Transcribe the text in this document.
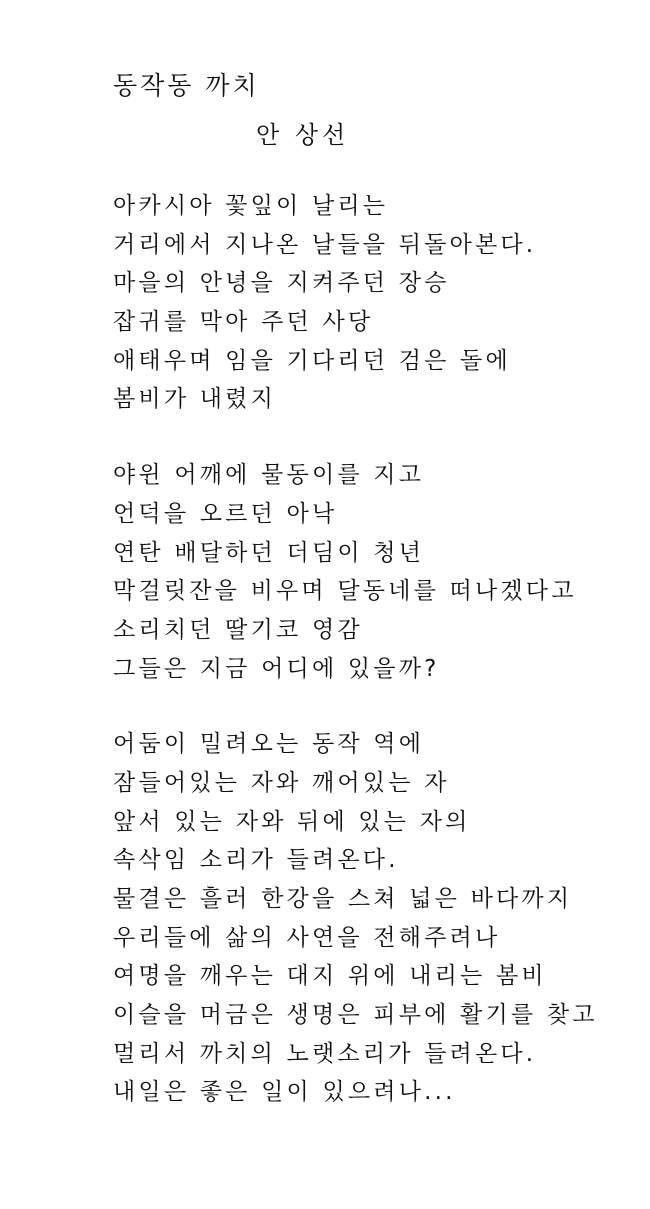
동작동 까치
안 상선
아카시아 꽃잎이 날리는
거리에서 지나온 날들을 뒤돌아본다.
마을의 안녕을 지켜주던 장승
잡귀를 막아 주던 사당
애태우며 임을 기다리던 검은 돌에
봄비가 내렸지
야윈 어깨에 물동이를 지고
언덕을 오르던 아낙
연탄 배달하던 더딤이 청년
막걸릿잔을 비우며 달동네를 떠나겠다고
소리치던 딸기코 영감
그들은 지금 어디에 있을까?
어둠이 밀려오는 동작 역에
잠들어있는 자와 깨어있는 자
앞서 있는 자와 뒤에 있는 자의
속삭임 소리가 들려온다.
물결은 흘러 한강을 스쳐 넓은 바다까지
우리들에 삶의 사연을 전해주려나
여명을 깨우는 대지 위에 내리는 봄비
이슬을 머금은 생명은 피부에 활기를 찾고
멀리서 까치의 노랫소리가 들려온다.
내일은 좋은 일이 있으려나...
